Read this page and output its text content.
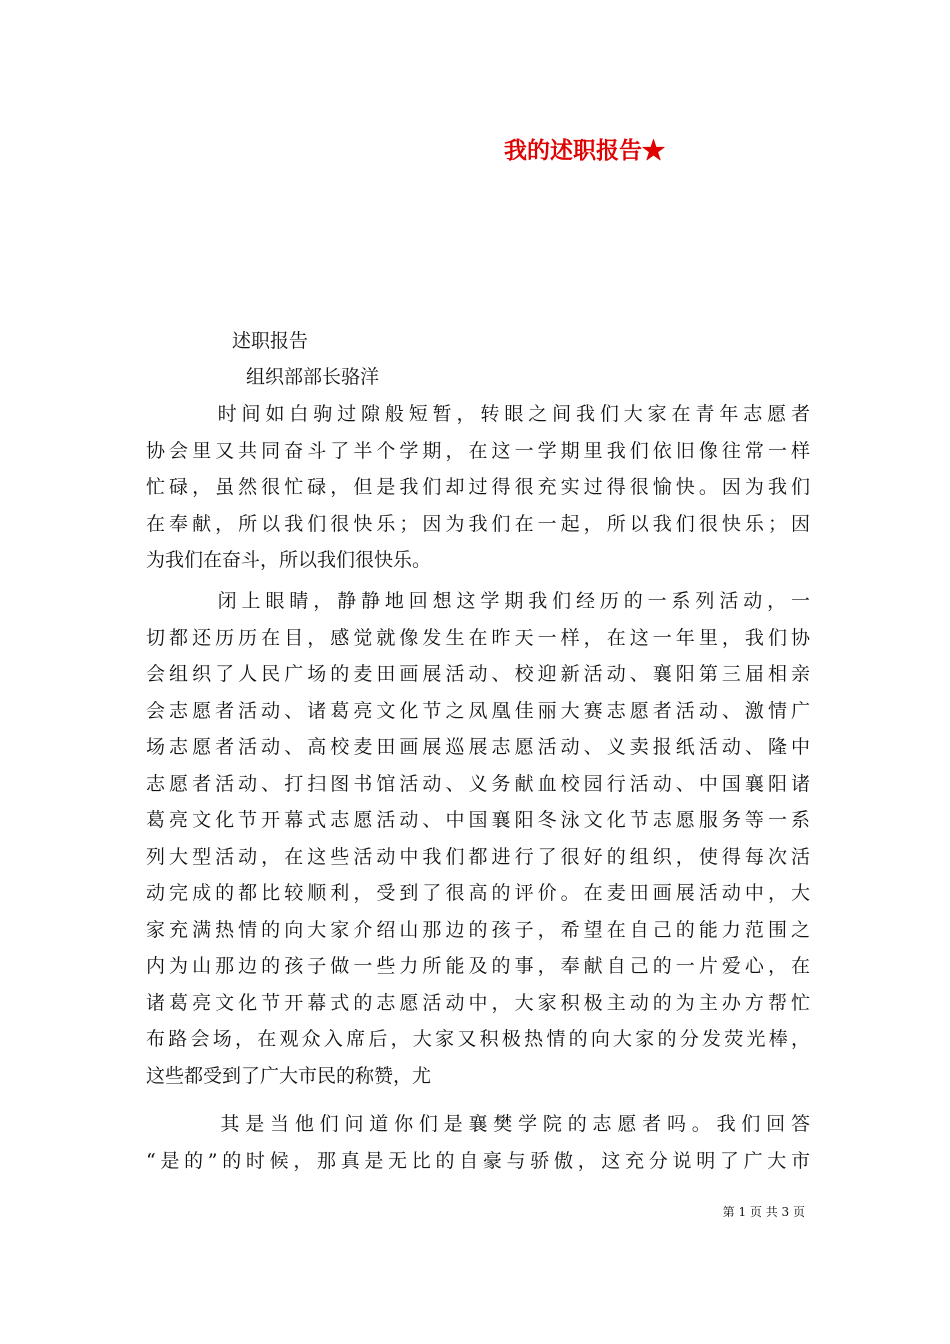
我的述职报告★
述职报告
组织部部长骆洋
　　　时间如白驹过隙般短暂，转眼之间我们大家在青年志愿者
协会里又共同奋斗了半个学期，在这一学期里我们依旧像往常一样
忙碌，虽然很忙碌，但是我们却过得很充实过得很愉快。因为我们
在奉献，所以我们很快乐；因为我们在一起，所以我们很快乐；因
为我们在奋斗，所以我们很快乐。
　　　闭上眼睛，静静地回想这学期我们经历的一系列活动，一
切都还历历在目，感觉就像发生在昨天一样，在这一年里，我们协
会组织了人民广场的麦田画展活动、校迎新活动、襄阳第三届相亲
会志愿者活动、诸葛亮文化节之凤凰佳丽大赛志愿者活动、激情广
场志愿者活动、高校麦田画展巡展志愿活动、义卖报纸活动、隆中
志愿者活动、打扫图书馆活动、义务献血校园行活动、中国襄阳诸
葛亮文化节开幕式志愿活动、中国襄阳冬泳文化节志愿服务等一系
列大型活动，在这些活动中我们都进行了很好的组织，使得每次活
动完成的都比较顺利，受到了很高的评价。在麦田画展活动中，大
家充满热情的向大家介绍山那边的孩子，希望在自己的能力范围之
内为山那边的孩子做一些力所能及的事，奉献自己的一片爱心，在
诸葛亮文化节开幕式的志愿活动中，大家积极主动的为主办方帮忙
布路会场，在观众入席后，大家又积极热情的向大家的分发荧光棒，
这些都受到了广大市民的称赞，尤
　　　其是当他们问道你们是襄樊学院的志愿者吗。我们回答
“是的”的时候，那真是无比的自豪与骄傲，这充分说明了广大市
第 1 页 共 3 页
